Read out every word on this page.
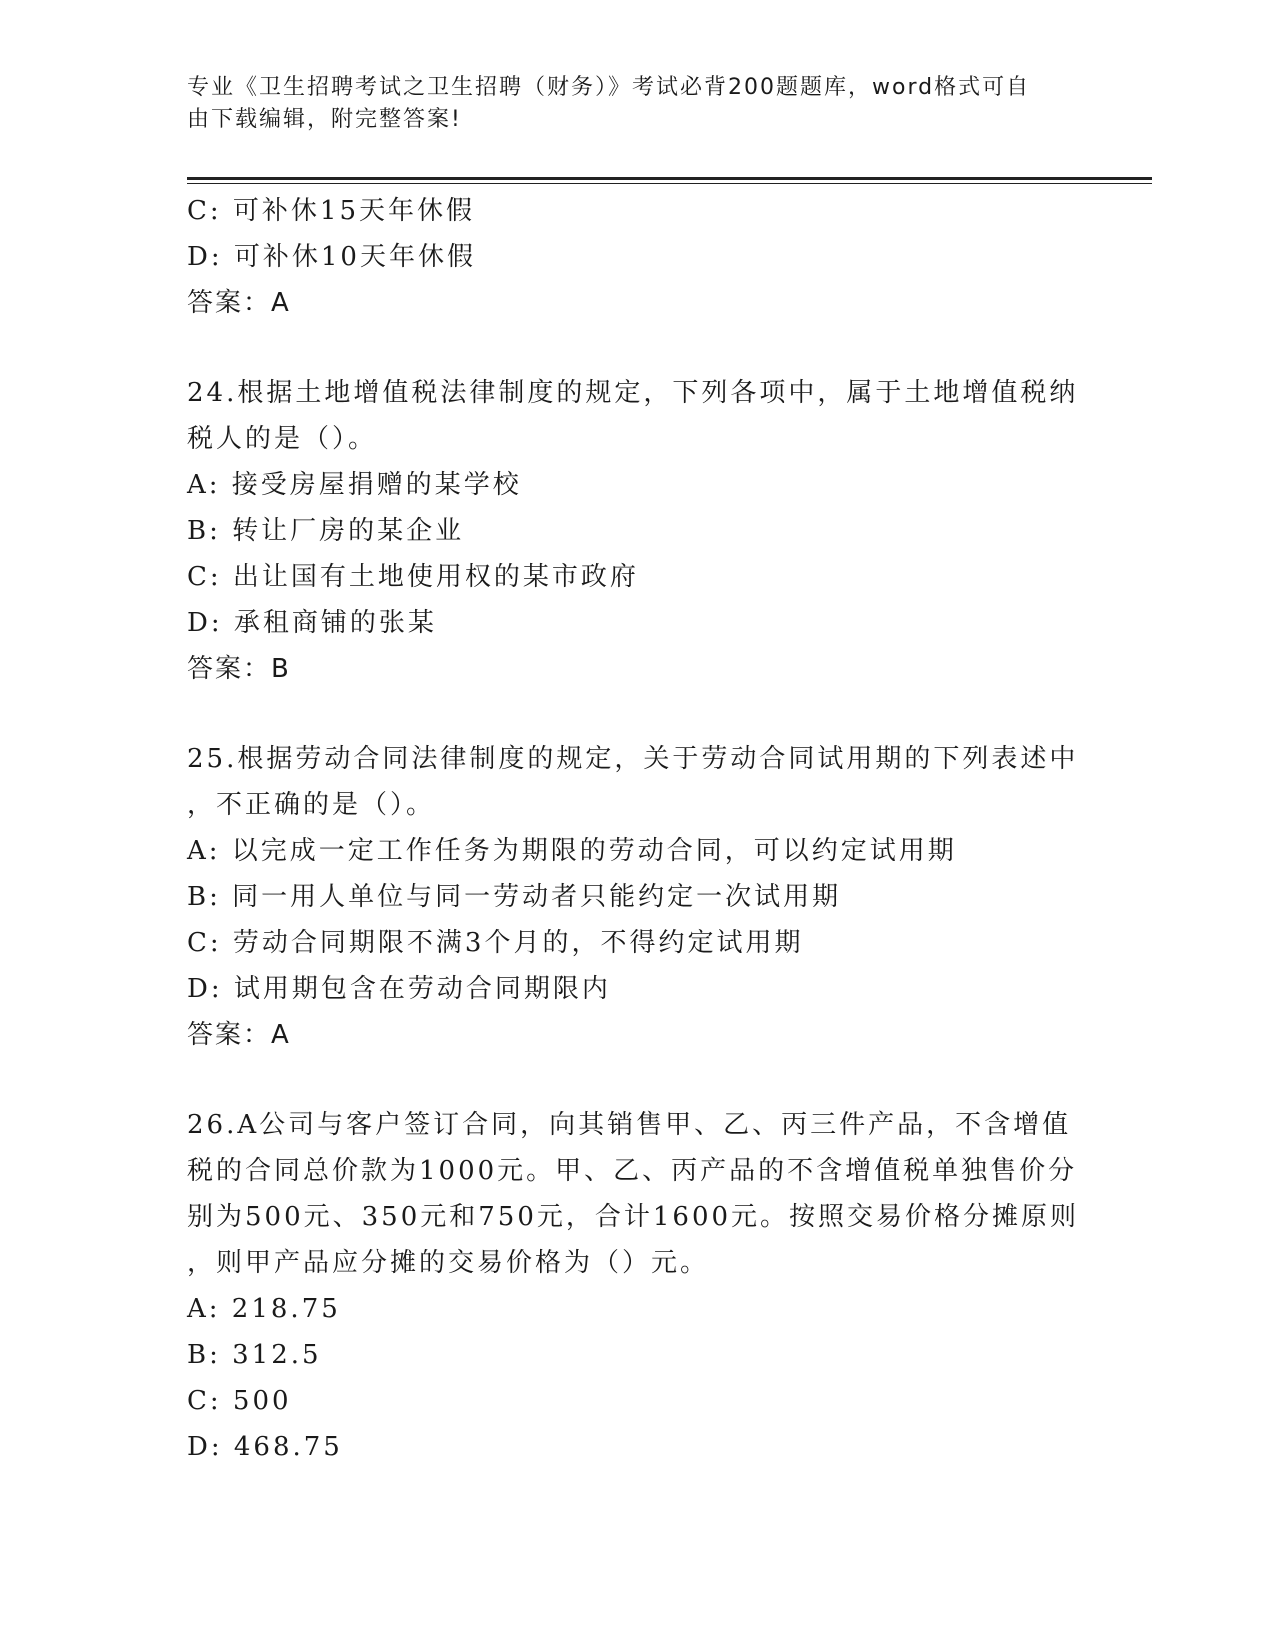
专业《卫生招聘考试之卫生招聘（财务）》考试必背200题题库，word格式可自
由下载编辑，附完整答案!
C: 可补休15天年休假
D: 可补休10天年休假
答案：A
24.根据土地增值税法律制度的规定，下列各项中，属于土地增值税纳
税人的是（）。
A: 接受房屋捐赠的某学校
B: 转让厂房的某企业
C: 出让国有土地使用权的某市政府
D: 承租商铺的张某
答案：B
25.根据劳动合同法律制度的规定，关于劳动合同试用期的下列表述中
，不正确的是（）。
A: 以完成一定工作任务为期限的劳动合同，可以约定试用期
B: 同一用人单位与同一劳动者只能约定一次试用期
C: 劳动合同期限不满3个月的，不得约定试用期
D: 试用期包含在劳动合同期限内
答案：A
26.A公司与客户签订合同，向其销售甲、乙、丙三件产品，不含增值
税的合同总价款为1000元。甲、乙、丙产品的不含增值税单独售价分
别为500元、350元和750元，合计1600元。按照交易价格分摊原则
，则甲产品应分摊的交易价格为（）元。
A: 218.75
B: 312.5
C: 500
D: 468.75
